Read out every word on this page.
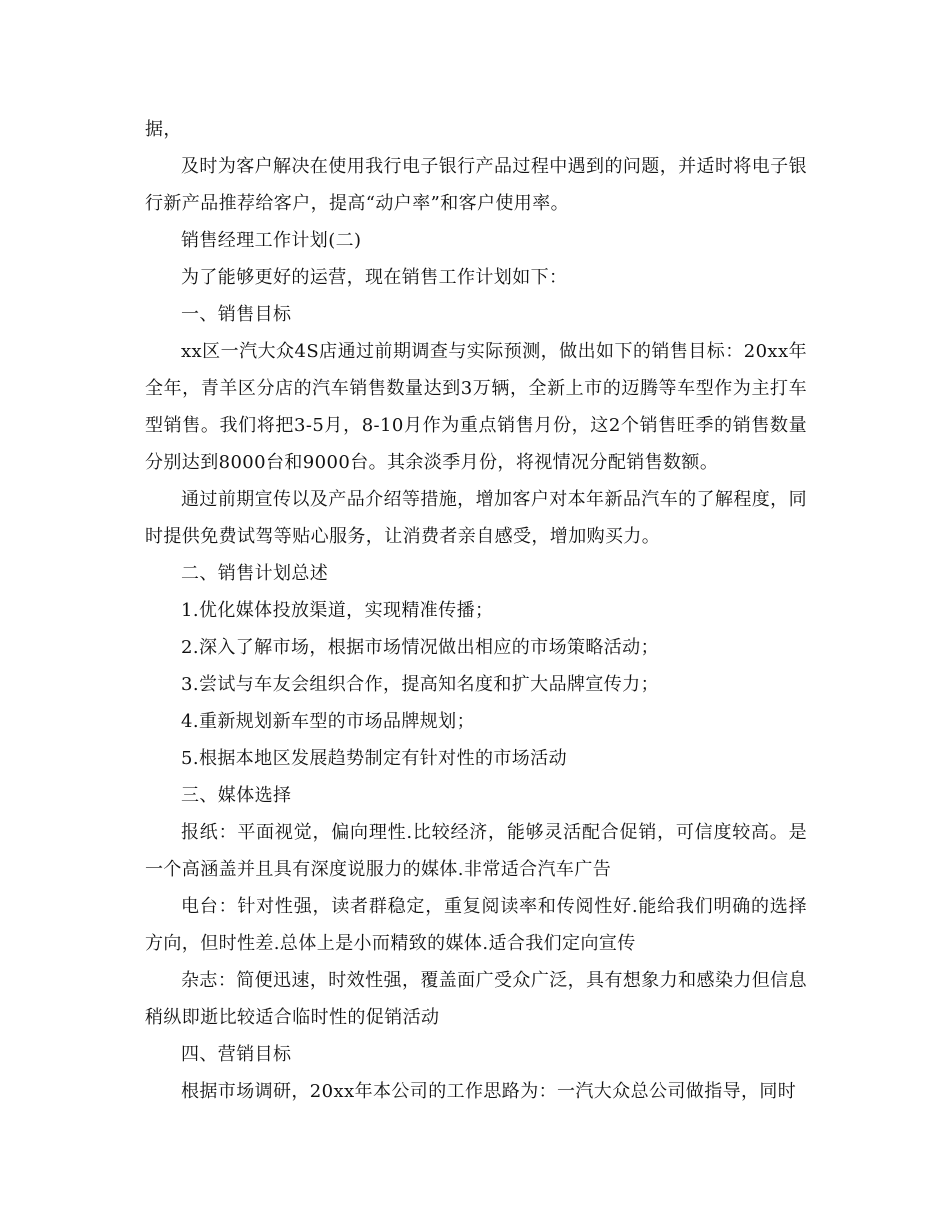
据，

及时为客户解决在使用我行电子银行产品过程中遇到的问题，并适时将电子银行新产品推荐给客户，提高“动户率”和客户使用率。

销售经理工作计划(二)

为了能够更好的运营，现在销售工作计划如下：

一、销售目标

xx区一汽大众4S店通过前期调查与实际预测，做出如下的销售目标：20xx年全年，青羊区分店的汽车销售数量达到3万辆，全新上市的迈腾等车型作为主打车型销售。我们将把3-5月，8-10月作为重点销售月份，这2个销售旺季的销售数量分别达到8000台和9000台。其余淡季月份，将视情况分配销售数额。

通过前期宣传以及产品介绍等措施，增加客户对本年新品汽车的了解程度，同时提供免费试驾等贴心服务，让消费者亲自感受，增加购买力。

二、销售计划总述

1.优化媒体投放渠道，实现精准传播；

2.深入了解市场，根据市场情况做出相应的市场策略活动；

3.尝试与车友会组织合作，提高知名度和扩大品牌宣传力；

4.重新规划新车型的市场品牌规划；

5.根据本地区发展趋势制定有针对性的市场活动

三、媒体选择

报纸：平面视觉，偏向理性.比较经济，能够灵活配合促销，可信度较高。是一个高涵盖并且具有深度说服力的媒体.非常适合汽车广告

电台：针对性强，读者群稳定，重复阅读率和传阅性好.能给我们明确的选择方向，但时性差.总体上是小而精致的媒体.适合我们定向宣传

杂志：简便迅速，时效性强，覆盖面广受众广泛，具有想象力和感染力但信息稍纵即逝比较适合临时性的促销活动

四、营销目标

根据市场调研，20xx年本公司的工作思路为：一汽大众总公司做指导，同时
